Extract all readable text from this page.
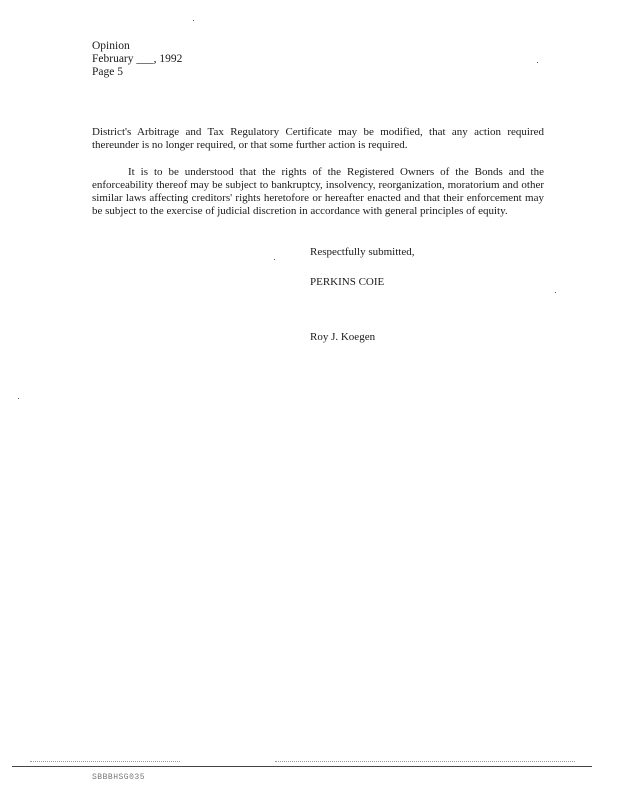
Opinion
February ___, 1992
Page 5
District's Arbitrage and Tax Regulatory Certificate may be modified, that any action required thereunder is no longer required, or that some further action is required.
It is to be understood that the rights of the Registered Owners of the Bonds and the enforceability thereof may be subject to bankruptcy, insolvency, reorganization, moratorium and other similar laws affecting creditors' rights heretofore or hereafter enacted and that their enforcement may be subject to the exercise of judicial discretion in accordance with general principles of equity.
Respectfully submitted,
PERKINS COIE
Roy J. Koegen
SBBBHSG035
